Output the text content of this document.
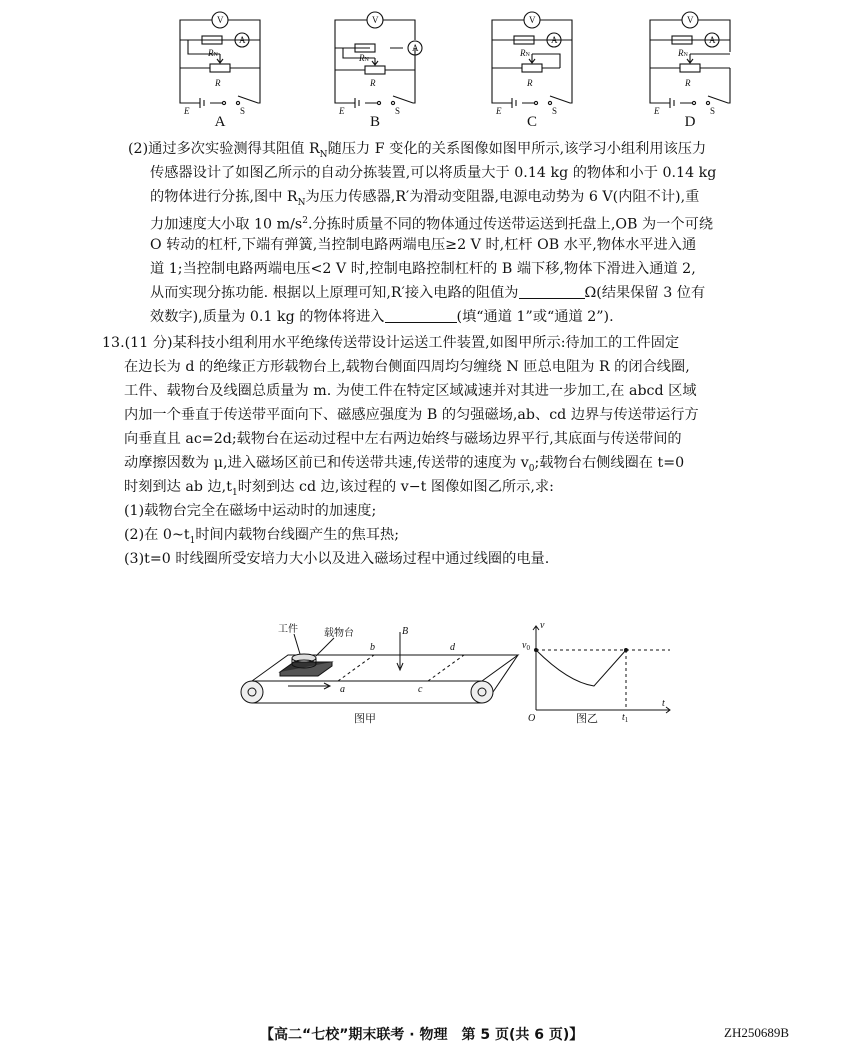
V
A
RN
R
E	S
A
V
A
RN
R
E	S
B
V
A
RN
R
E	S
C
V
A
RN
R
E	S
D
(2)通过多次实验测得其阻值 $R_N$随压力 F 变化的关系图像如图甲所示,该学习小组利用该压力
传感器设计了如图乙所示的自动分拣装置,可以将质量大于 0.14 kg 的物体和小于 0.14 kg
的物体进行分拣,图中 $R_N$为压力传感器,R′为滑动变阻器,电源电动势为 6 V(内阻不计),重
力加速度大小取 10 $m/s^2$.分拣时质量不同的物体通过传送带运送到托盘上,OB 为一个可绕
O 转动的杠杆,下端有弹簧,当控制电路两端电压≥2 V 时,杠杆 OB 水平,物体水平进入通
道 1;当控制电路两端电压<2 V 时,控制电路控制杠杆的 B 端下移,物体下滑进入通道 2,
从而实现分拣功能. 根据以上原理可知,R′接入电路的阻值为	Ω(结果保留 3 位有
效数字),质量为 0.1 kg 的物体将进入	(填“通道 1”或“通道 2”).
13.(11 分)某科技小组利用水平绝缘传送带设计运送工件装置,如图甲所示:待加工的工件固定
在边长为 d 的绝缘正方形载物台上,载物台侧面四周均匀缠绕 N 匝总电阻为 R 的闭合线圈,
工件、载物台及线圈总质量为 m. 为使工件在特定区域减速并对其进一步加工,在 abcd 区域
内加一个垂直于传送带平面向下、磁感应强度为 B 的匀强磁场,ab、cd 边界与传送带运行方
向垂直且 ac=2d;载物台在运动过程中左右两边始终与磁场边界平行,其底面与传送带间的
动摩擦因数为 μ,进入磁场区前已和传送带共速,传送带的速度为 $v_0$;载物台右侧线圈在 t=0
时刻到达 ab 边$,t_1$时刻到达 cd 边,该过程的 v−t 图像如图乙所示,求:
(1)载物台完全在磁场中运动时的加速度;
(2)在 $0\sim t_1$时间内载物台线圈产生的焦耳热;
(3)t=0 时线圈所受安培力大小以及进入磁场过程中通过线圈的电量.
B
b	d
a	c
v
t
O
$v_0$
$t_1$
工件	载物台
图甲	图乙
【高二“七校”期末联考 · 物理　第 5 页(共 6 页)】	ZH250689B
